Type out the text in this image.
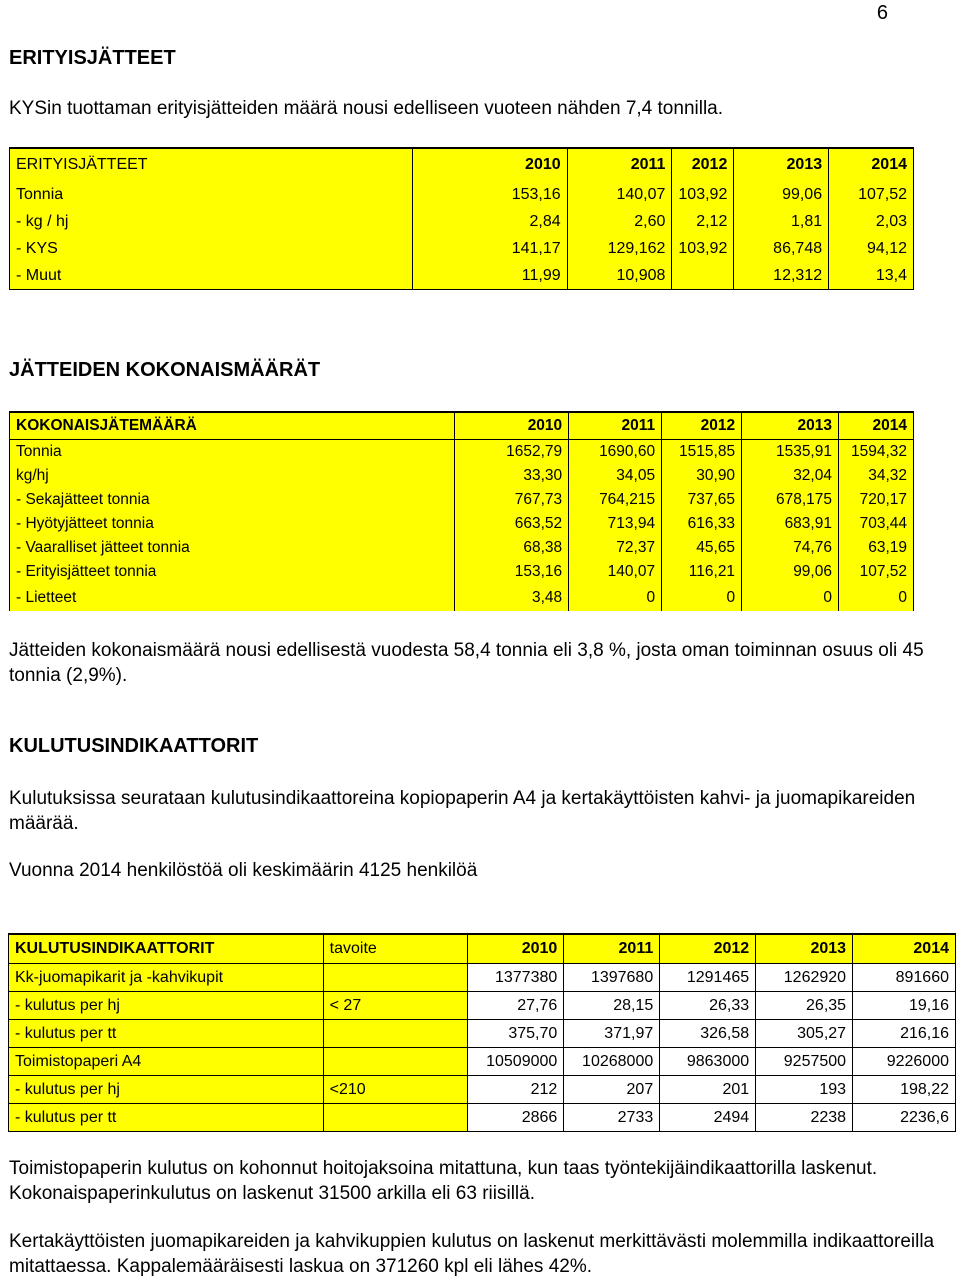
6
ERITYISJÄTTEET
KYSin tuottaman erityisjätteiden määrä nousi edelliseen vuoteen nähden 7,4 tonnilla.
ERITYISJÄTTEET	2010	2011	2012	2013	2014
Tonnia	153,16	140,07	103,92	99,06	107,52
- kg / hj	2,84	2,60	2,12	1,81	2,03
- KYS	141,17	129,162	103,92	86,748	94,12
- Muut	11,99	10,908		12,312	13,4
JÄTTEIDEN KOKONAISMÄÄRÄT
KOKONAISJÄTEMÄÄRÄ	2010	2011	2012	2013	2014
Tonnia	1652,79	1690,60	1515,85	1535,91	1594,32
kg/hj	33,30	34,05	30,90	32,04	34,32
- Sekajätteet tonnia	767,73	764,215	737,65	678,175	720,17
- Hyötyjätteet tonnia	663,52	713,94	616,33	683,91	703,44
- Vaaralliset jätteet tonnia	68,38	72,37	45,65	74,76	63,19
- Erityisjätteet tonnia	153,16	140,07	116,21	99,06	107,52
- Lietteet	3,48	0	0	0	0
Jätteiden kokonaismäärä nousi edellisestä vuodesta 58,4 tonnia eli 3,8 %, josta oman toiminnan osuus oli 45 tonnia (2,9%).
KULUTUSINDIKAATTORIT
Kulutuksissa seurataan kulutusindikaattoreina kopiopaperin A4 ja kertakäyttöisten kahvi- ja juomapikareiden määrää.
Vuonna 2014 henkilöstöä oli keskimäärin 4125 henkilöä
KULUTUSINDIKAATTORIT	tavoite	2010	2011	2012	2013	2014
Kk-juomapikarit ja -kahvikupit		1377380	1397680	1291465	1262920	891660
- kulutus per hj	< 27	27,76	28,15	26,33	26,35	19,16
- kulutus per tt		375,70	371,97	326,58	305,27	216,16
Toimistopaperi A4		10509000	10268000	9863000	9257500	9226000
- kulutus per hj	<210	212	207	201	193	198,22
- kulutus per tt		2866	2733	2494	2238	2236,6
Toimistopaperin kulutus on kohonnut hoitojaksoina mitattuna, kun taas työntekijäindikaattorilla laskenut. Kokonaispaperinkulutus on laskenut 31500 arkilla eli 63 riisillä.
Kertakäyttöisten juomapikareiden ja kahvikuppien kulutus on laskenut merkittävästi molemmilla indikaattoreilla mitattaessa. Kappalemääräisesti laskua on 371260 kpl eli lähes 42%.
